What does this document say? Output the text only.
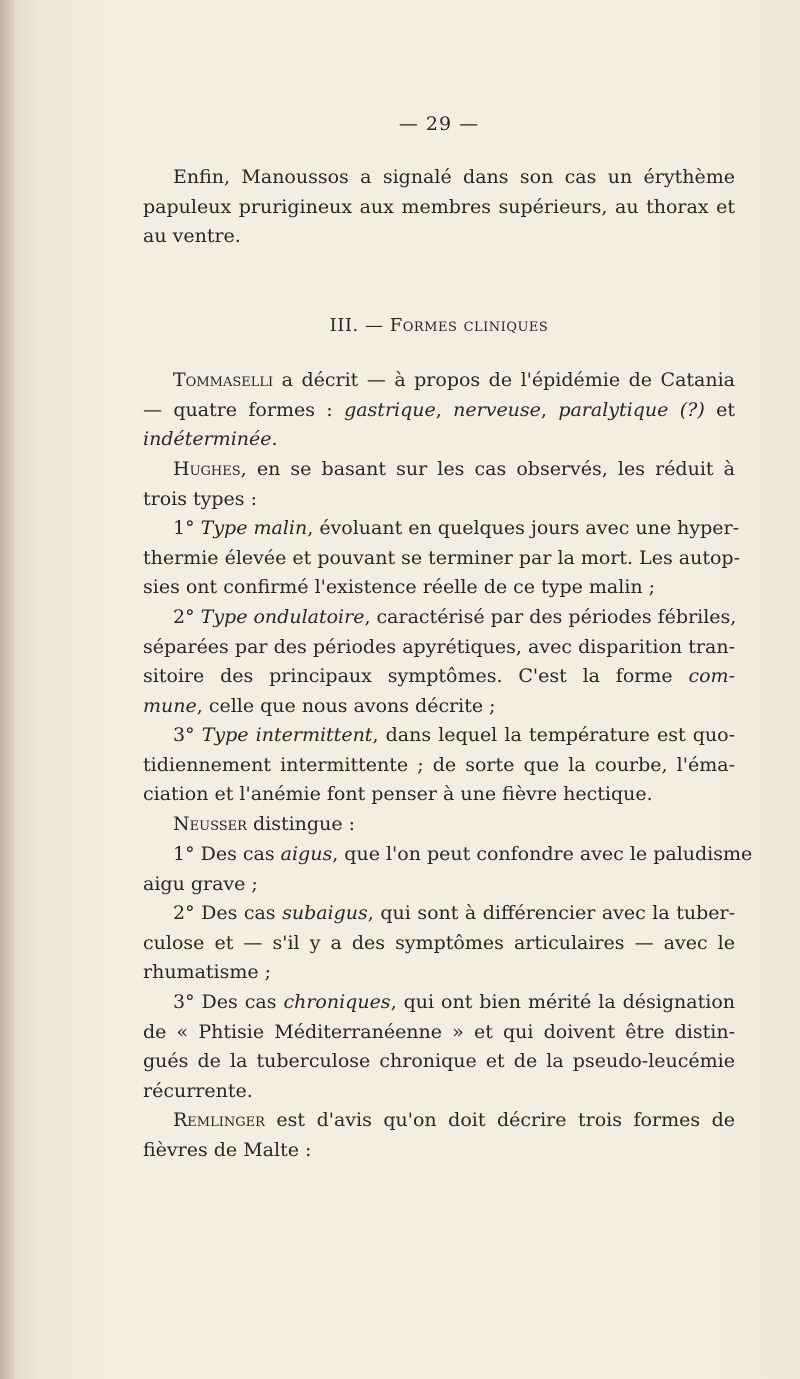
— 29 —
Enfin, Manoussos a signalé dans son cas un érythème
papuleux prurigineux aux membres supérieurs, au thorax et
au ventre.
III. — Formes cliniques
Tommaselli a décrit — à propos de l'épidémie de Catania
— quatre formes : gastrique, nerveuse, paralytique (?) et
indéterminée.
Hughes, en se basant sur les cas observés, les réduit à
trois types :
1° Type malin, évoluant en quelques jours avec une hyper-
thermie élevée et pouvant se terminer par la mort. Les autop-
sies ont confirmé l'existence réelle de ce type malin ;
2° Type ondulatoire, caractérisé par des périodes fébriles,
séparées par des périodes apyrétiques, avec disparition tran-
sitoire des principaux symptômes. C'est la forme com-
mune, celle que nous avons décrite ;
3° Type intermittent, dans lequel la température est quo-
tidiennement intermittente ; de sorte que la courbe, l'éma-
ciation et l'anémie font penser à une fièvre hectique.
Neusser distingue :
1° Des cas aigus, que l'on peut confondre avec le paludisme
aigu grave ;
2° Des cas subaigus, qui sont à différencier avec la tuber-
culose et — s'il y a des symptômes articulaires — avec le
rhumatisme ;
3° Des cas chroniques, qui ont bien mérité la désignation
de « Phtisie Méditerranéenne » et qui doivent être distin-
gués de la tuberculose chronique et de la pseudo-leucémie
récurrente.
Remlinger est d'avis qu'on doit décrire trois formes de
fièvres de Malte :
